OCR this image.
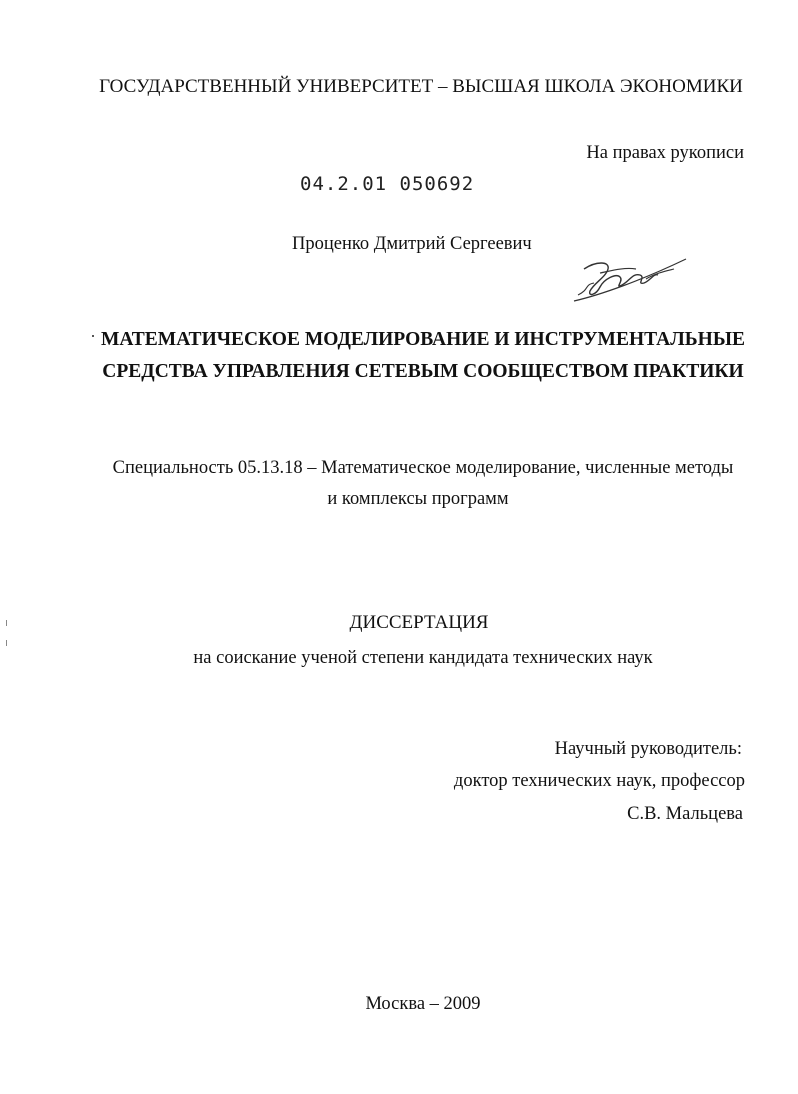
ГОСУДАРСТВЕННЫЙ УНИВЕРСИТЕТ – ВЫСШАЯ ШКОЛА ЭКОНОМИКИ
На правах рукописи
04.2.01 050692
Проценко Дмитрий Сергеевич
МАТЕМАТИЧЕСКОЕ МОДЕЛИРОВАНИЕ И ИНСТРУМЕНТАЛЬНЫЕ
СРЕДСТВА УПРАВЛЕНИЯ СЕТЕВЫМ СООБЩЕСТВОМ ПРАКТИКИ
Специальность 05.13.18 – Математическое моделирование, численные методы
и комплексы программ
ДИССЕРТАЦИЯ
на соискание ученой степени кандидата технических наук
Научный руководитель:
доктор технических наук, профессор
С.В. Мальцева
Москва – 2009
